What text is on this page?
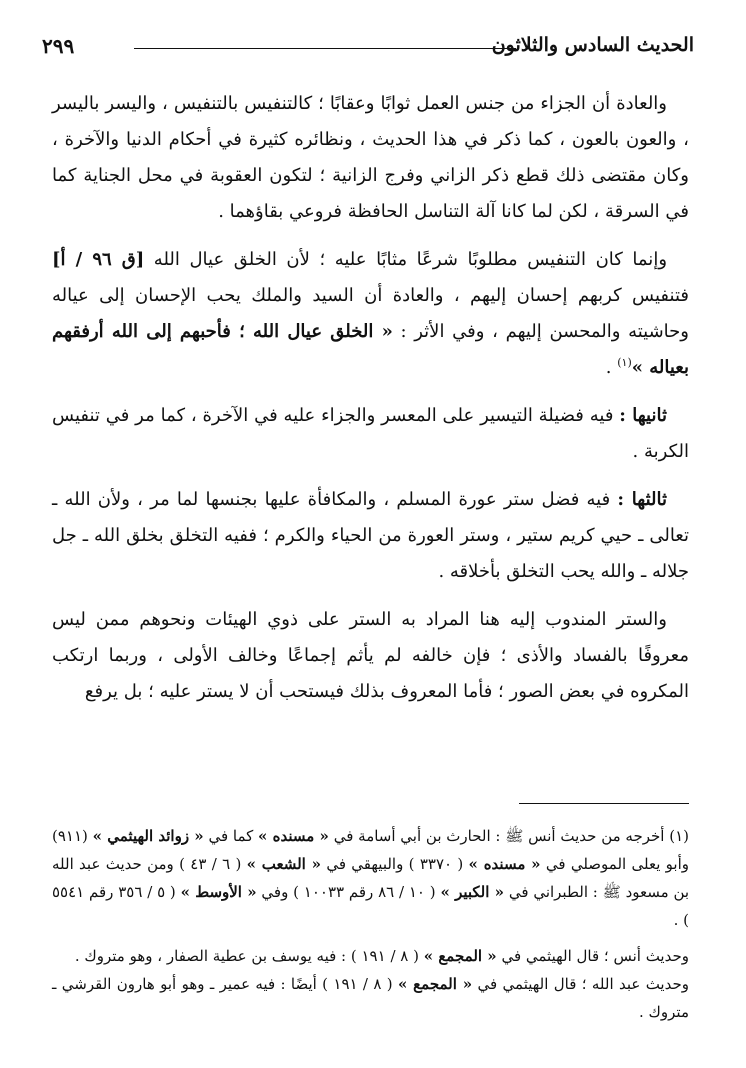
الحديث السادس والثلاثون
٢٩٩

والعادة أن الجزاء من جنس العمل ثوابًا وعقابًا ؛ كالتنفيس بالتنفيس ، واليسر باليسر ، والعون بالعون ، كما ذكر في هذا الحديث ، ونظائره كثيرة في أحكام الدنيا والآخرة ، وكان مقتضى ذلك قطع ذكر الزاني وفرج الزانية ؛ لتكون العقوبة في محل الجناية كما في السرقة ، لكن لما كانا آلة التناسل الحافظة فروعي بقاؤهما .

وإنما كان التنفيس مطلوبًا شرعًا مثابًا عليه ؛ لأن الخلق عيال الله [ق ٩٦ / أ] فتنفيس كربهم إحسان إليهم ، والعادة أن السيد والملك يحب الإحسان إلى عياله وحاشيته والمحسن إليهم ، وفي الأثر : « الخلق عيال الله ؛ فأحبهم إلى الله أرفقهم بعياله »$^{(١)}$ .

ثانيها : فيه فضيلة التيسير على المعسر والجزاء عليه في الآخرة ، كما مر في تنفيس الكربة .

ثالثها : فيه فضل ستر عورة المسلم ، والمكافأة عليها بجنسها لما مر ، ولأن الله ـ تعالى ـ حيي كريم ستير ، وستر العورة من الحياء والكرم ؛ ففيه التخلق بخلق الله ـ جل جلاله ـ والله يحب التخلق بأخلاقه .

والستر المندوب إليه هنا المراد به الستر على ذوي الهيئات ونحوهم ممن ليس معروفًا بالفساد والأذى ؛ فإن خالفه لم يأثم إجماعًا وخالف الأولى ، وربما ارتكب المكروه في بعض الصور ؛ فأما المعروف بذلك فيستحب أن لا يستر عليه ؛ بل يرفع

(١) أخرجه من حديث أنس ﷺ : الحارث بن أبي أسامة في « مسنده » كما في « زوائد الهيثمي » (٩١١) وأبو يعلى الموصلي في « مسنده » ( ٣٣٧٠ ) والبيهقي في « الشعب » ( ٦ / ٤٣ ) ومن حديث عبد الله بن مسعود ﷺ : الطبراني في « الكبير » ( ١٠ / ٨٦ رقم ١٠٠٣٣ ) وفي « الأوسط » ( ٥ / ٣٥٦ رقم ٥٥٤١ ) .

وحديث أنس ؛ قال الهيثمي في « المجمع » ( ٨ / ١٩١ ) : فيه يوسف بن عطية الصفار ، وهو متروك .

وحديث عبد الله ؛ قال الهيثمي في « المجمع » ( ٨ / ١٩١ ) أيضًا : فيه عمير ـ وهو أبو هارون القرشي ـ متروك .
